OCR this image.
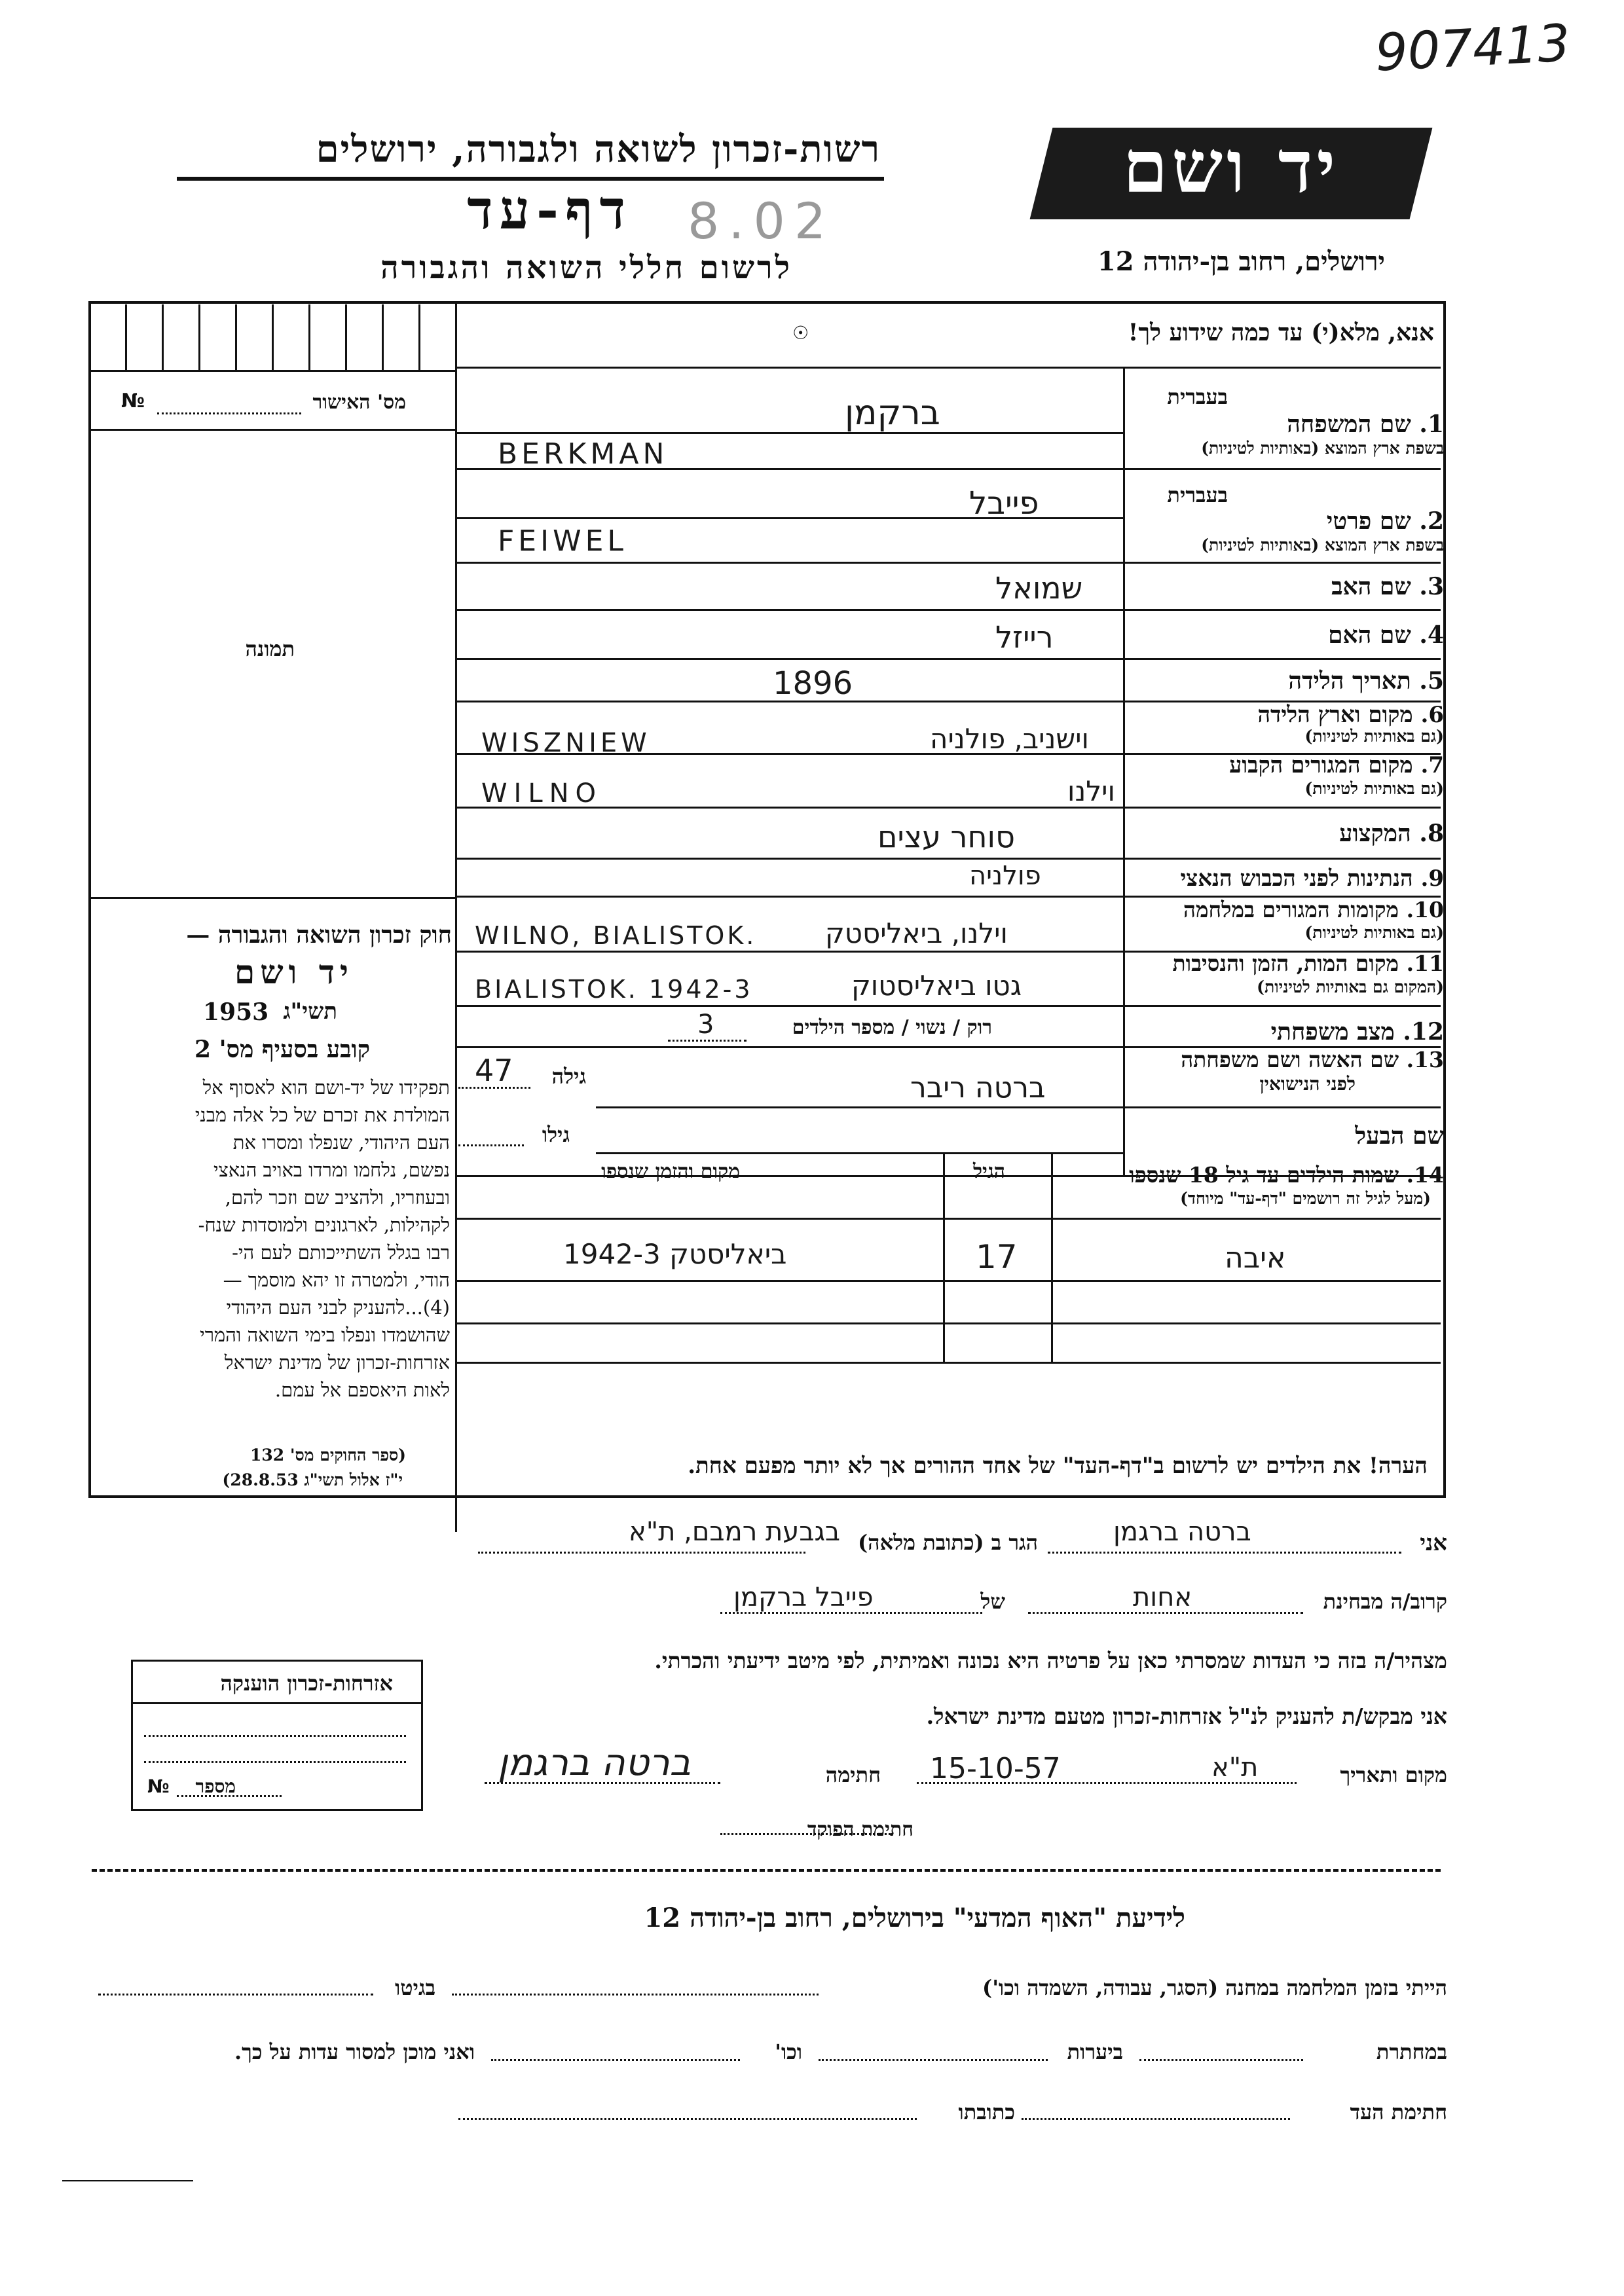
907413
רשות-זכרון לשואה ולגבורה, ירושלים
דף-עד 8.02
לרשום חללי השואה והגבורה
יד ושם
ירושלים, רחוב בן-יהודה 12
מס' האישור
№
תמונה
חוק זכרון השואה והגבורה —
יד ושם
1953 תשי"ג
קובע בסעיף מס' 2
תפקידו של יד-ושם הוא לאסוף אל
המולדת את זכרם של כל אלה מבני
העם היהודי, שנפלו ומסרו את
נפשם, נלחמו ומרדו באויב הנאצי
ובעוזריו, ולהציב שם וזכר להם,
לקהילות, לארגונים ולמוסדות שנח-
רבו בגלל השתייכותם לעם הי-
הודי, ולמטרה זו יהא מוסמך —
(4)...להעניק לבני העם היהודי
שהושמדו ונפלו בימי השואה והמרי
אזרחות-זכרון של מדינת ישראל
לאות היאספם אל עמם.
(ספר החוקים מס' 132
י"ז אלול תשי"ג 28.8.53)
אנא, מלא(י) עד כמה שידוע לך!
☉
בעברית
1. שם המשפחה
בשפת ארץ המוצא (באותיות לטיניות)
ברקמן
BERKMAN
בעברית
2. שם פרטי
בשפת ארץ המוצא (באותיות לטיניות)
פייבל
FEIWEL
3. שם האב
שמואל
4. שם האם
רייזל
5. תאריך הלידה
1896
6. מקום וארץ הלידה
(גם באותיות לטיניות)
וישניב, פולניה
WISZNIEW
7. מקום המגורים הקבוע
(גם באותיות לטיניות)
וילנו
WILNO
8. המקצוע
סוחר עצים
9. הנתינות לפני הכבוש הנאצי
פולניה
10. מקומות המגורים במלחמה
(גם באותיות לטיניות)
וילנו, ביאליסטק
WILNO, BIALISTOK.
11. מקום המות, הזמן והנסיבות
(המקום גם באותיות לטיניות)
גטו ביאליסטוק
BIALISTOK. 1942-3
12. מצב משפחתי
רוק / נשוי / מספר הילדים
3
13. שם האשה ושם משפחתה
לפני הנישואין
ברטה ריבר
גילה
47
שם הבעל
גילו
14. שמות הילדים עד גיל 18 שנספו
(מעל לגיל זה רושמים "דף-עד" מיוחד)
הגיל
מקום והזמן שנספו
איבה
17
ביאליסטק 1942-3
הערה! את הילדים יש לרשום ב"דף-העד" של אחד ההורים אך לא יותר מפעם אחת.
אני
ברטה ברגמן
הגר ב (כתובת מלאה)
בגבעת רמבם, ת"א
קרוב/ה מבחינת
אחות
של
פייבל ברקמן
מצהיר/ה בזה כי העדות שמסרתי כאן על פרטיה היא נכונה ואמיתית, לפי מיטב ידיעתי והכרתי.
אני מבקש/ת להעניק לנ"ל אזרחות-זכרון מטעם מדינת ישראל.
מקום ותאריך
ת"א
15-10-57
חתימה
ברטה ברגמן
חתימת הפוקד
אזרחות-זכרון הוענקה
מספר
№
לידיעת "האוף המדעי" בירושלים, רחוב בן-יהודה 12
הייתי בזמן המלחמה במחנה (הסגר, עבודה, השמדה וכו')
בגיטו
במחתרת
ביערות
וכו'
ואני מוכן למסור עדות על כך.
חתימת העד
כתובתו
